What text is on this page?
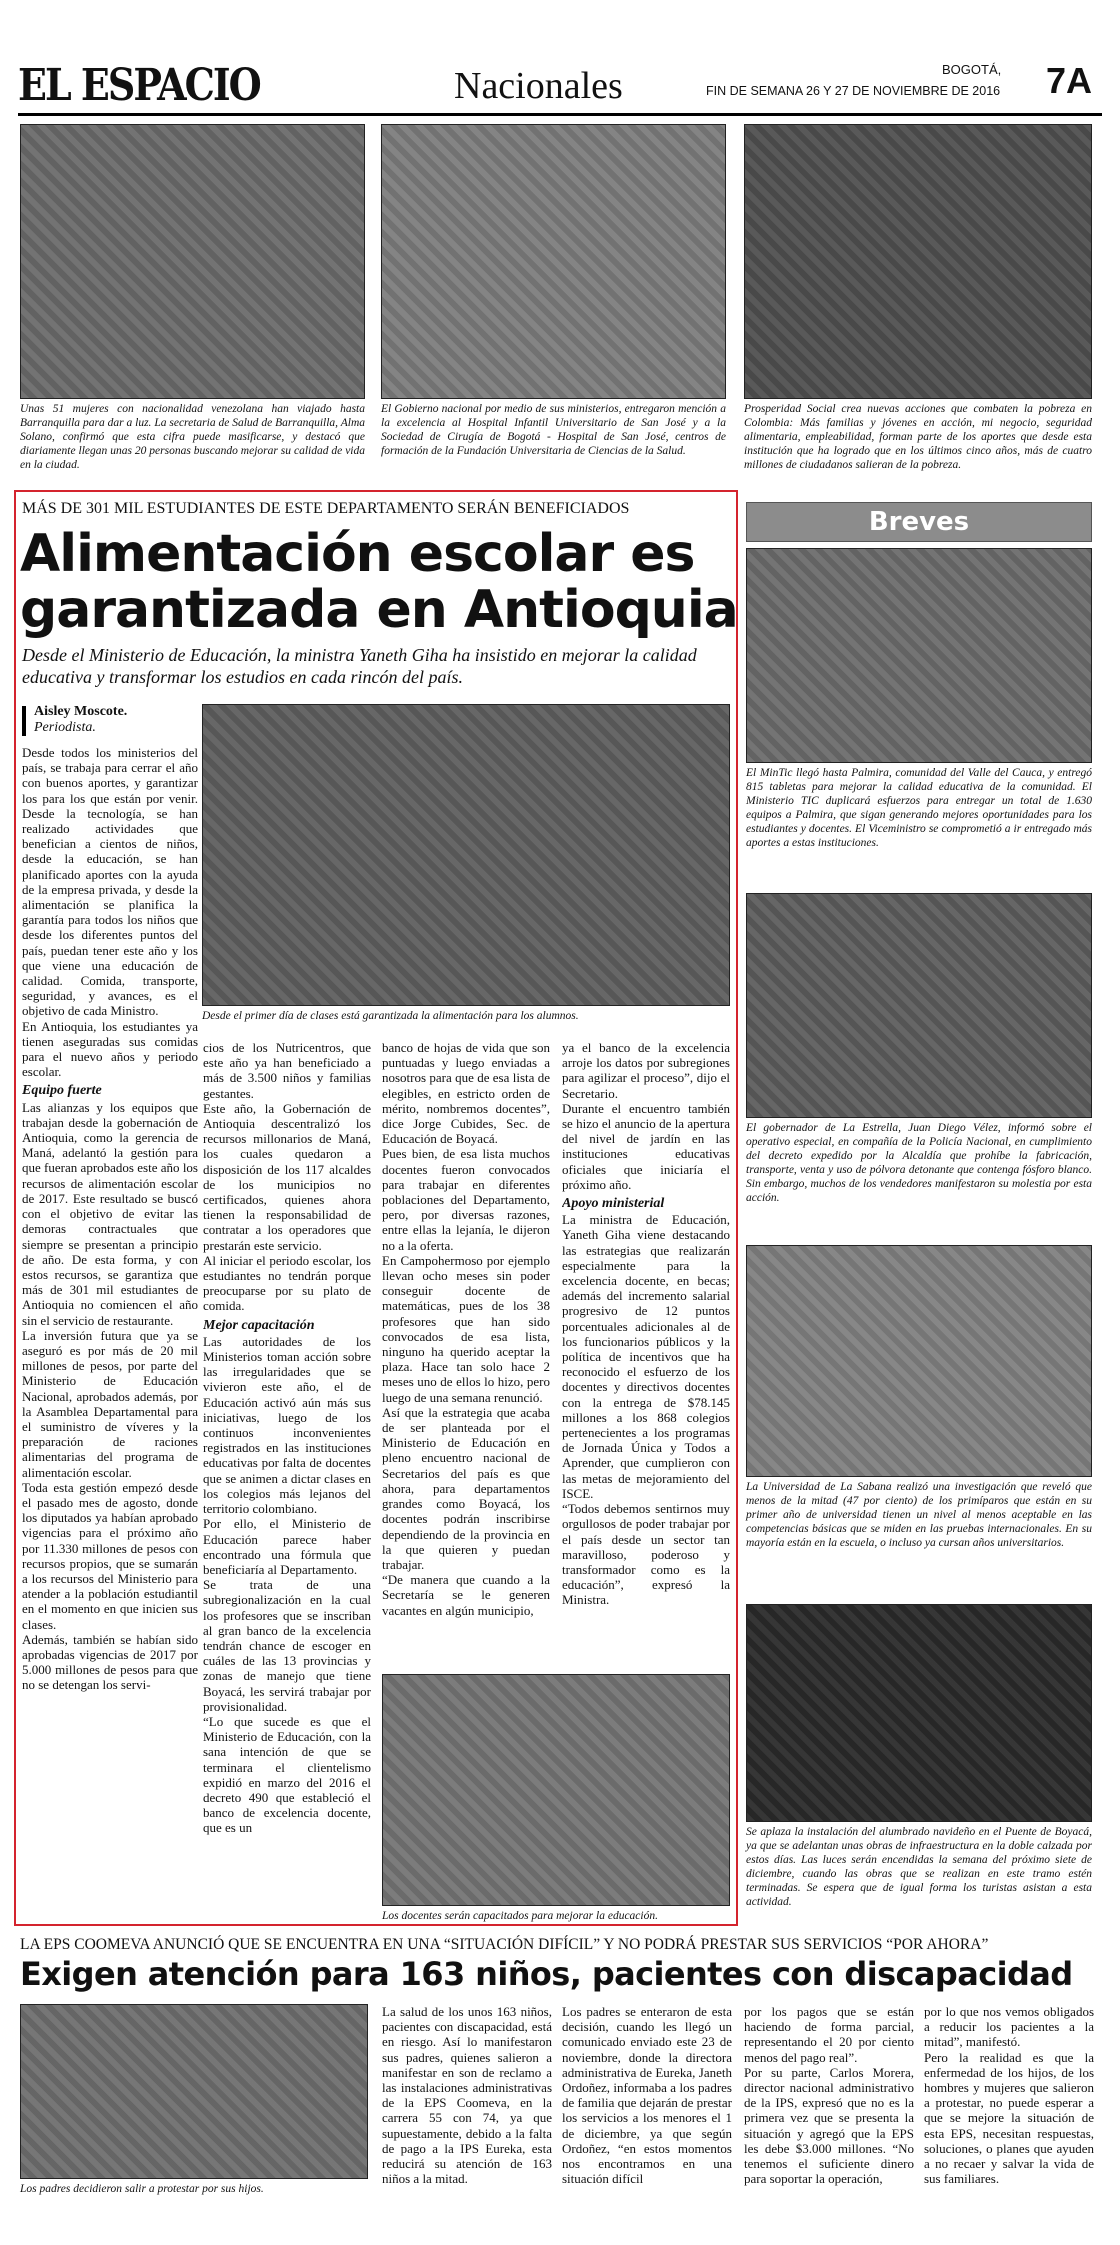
EL ESPACIO	Nacionales	BOGOTÁ,
FIN DE SEMANA 26 Y 27 DE NOVIEMBRE DE 2016 7A
Unas 51 mujeres con nacionalidad venezolana han viajado hasta Barranquilla para dar a luz. La secretaria de Salud de Barranquilla, Alma Solano, confirmó que esta cifra puede masificarse, y destacó que diariamente llegan unas 20 personas buscando mejorar su calidad de vida en la ciudad.
El Gobierno nacional por medio de sus ministerios, entregaron mención a la excelencia al Hospital Infantil Universitario de San José y a la Sociedad de Cirugía de Bogotá - Hospital de San José, centros de formación de la Fundación Universitaria de Ciencias de la Salud.
Prosperidad Social crea nuevas acciones que combaten la pobreza en Colombia: Más familias y jóvenes en acción, mi negocio, seguridad alimentaria, empleabilidad, forman parte de los aportes que desde esta institución que ha logrado que en los últimos cinco años, más de cuatro millones de ciudadanos salieran de la pobreza.
MÁS DE 301 MIL ESTUDIANTES DE ESTE DEPARTAMENTO SERÁN BENEFICIADOS
Alimentación escolar es
garantizada en Antioquia
Desde el Ministerio de Educación, la ministra Yaneth Giha ha insistido en mejorar la calidad educativa y transformar los estudios en cada rincón del país.
Aisley Moscote.
Periodista.
Desde el primer día de clases está garantizada la alimentación para los alumnos.

Desde todos los ministerios del país, se trabaja para cerrar el año con buenos aportes, y garantizar los para los que están por venir. Desde la tecnología, se han realizado actividades que benefician a cientos de niños, desde la educación, se han planificado aportes con la ayuda de la empresa privada, y desde la alimentación se planifica la garantía para todos los niños que desde los diferentes puntos del país, puedan tener este año y los que viene una educación de calidad. Comida, transporte, seguridad, y avances, es el objetivo de cada Ministro.

En Antioquia, los estudiantes ya tienen aseguradas sus comidas para el nuevo años y periodo escolar.

Equipo fuerte

Las alianzas y los equipos que trabajan desde la gobernación de Antioquia, como la gerencia de Maná, adelantó la gestión para que fueran aprobados este año los recursos de alimentación escolar de 2017. Este resultado se buscó con el objetivo de evitar las demoras contractuales que siempre se presentan a principio de año. De esta forma, y con estos recursos, se garantiza que más de 301 mil estudiantes de Antioquia no comiencen el año sin el servicio de restaurante.

La inversión futura que ya se aseguró es por más de 20 mil millones de pesos, por parte del Ministerio de Educación Nacional, aprobados además, por la Asamblea Departamental para el suministro de víveres y la preparación de raciones alimentarias del programa de alimentación escolar.

Toda esta gestión empezó desde el pasado mes de agosto, donde los diputados ya habían aprobado vigencias para el próximo año por 11.330 millones de pesos con recursos propios, que se sumarán a los recursos del Ministerio para atender a la población estudiantil en el momento en que inicien sus clases.

Además, también se habían sido aprobadas vigencias de 2017 por 5.000 millones de pesos para que no se detengan los servi-

cios de los Nutricentros, que este año ya han beneficiado a más de 3.500 niños y familias gestantes.

Este año, la Gobernación de Antioquia descentralizó los recursos millonarios de Maná, los cuales quedaron a disposición de los 117 alcaldes de los municipios no certificados, quienes ahora tienen la responsabilidad de contratar a los operadores que prestarán este servicio.

Al iniciar el periodo escolar, los estudiantes no tendrán porque preocuparse por su plato de comida.

Mejor capacitación

Las autoridades de los Ministerios toman acción sobre las irregularidades que se vivieron este año, el de Educación activó aún más sus iniciativas, luego de los continuos inconvenientes registrados en las instituciones educativas por falta de docentes que se animen a dictar clases en los colegios más lejanos del territorio colombiano.

Por ello, el Ministerio de Educación parece haber encontrado una fórmula que beneficiaría al Departamento.

Se trata de una subregionalización en la cual los profesores que se inscriban al gran banco de la excelencia tendrán chance de escoger en cuáles de las 13 provincias y zonas de manejo que tiene Boyacá, les servirá trabajar por provisionalidad.

“Lo que sucede es que el Ministerio de Educación, con la sana intención de que se terminara el clientelismo expidió en marzo del 2016 el decreto 490 que estableció el banco de excelencia docente, que es un

banco de hojas de vida que son puntuadas y luego enviadas a nosotros para que de esa lista de elegibles, en estricto orden de mérito, nombremos docentes”, dice Jorge Cubides, Sec. de Educación de Boyacá.

Pues bien, de esa lista muchos docentes fueron convocados para trabajar en diferentes poblaciones del Departamento, pero, por diversas razones, entre ellas la lejanía, le dijeron no a la oferta.

En Campohermoso por ejemplo llevan ocho meses sin poder conseguir docente de matemáticas, pues de los 38 profesores que han sido convocados de esa lista, ninguno ha querido aceptar la plaza. Hace tan solo hace 2 meses uno de ellos lo hizo, pero luego de una semana renunció.

Así que la estrategia que acaba de ser planteada por el Ministerio de Educación en pleno encuentro nacional de Secretarios del país es que ahora, para departamentos grandes como Boyacá, los docentes podrán inscribirse dependiendo de la provincia en la que quieren y puedan trabajar.

“De manera que cuando a la Secretaría se le generen vacantes en algún municipio,

ya el banco de la excelencia arroje los datos por subregiones para agilizar el proceso”, dijo el Secretario.

Durante el encuentro también se hizo el anuncio de la apertura del nivel de jardín en las instituciones educativas oficiales que iniciaría el próximo año.

Apoyo ministerial

La ministra de Educación, Yaneth Giha viene destacando las estrategias que realizarán especialmente para la excelencia docente, en becas; además del incremento salarial progresivo de 12 puntos porcentuales adicionales al de los funcionarios públicos y la política de incentivos que ha reconocido el esfuerzo de los docentes y directivos docentes con la entrega de $78.145 millones a los 868 colegios pertenecientes a los programas de Jornada Única y Todos a Aprender, que cumplieron con las metas de mejoramiento del ISCE.

“Todos debemos sentirnos muy orgullosos de poder trabajar por el país desde un sector tan maravilloso, poderoso y transformador como es la educación”, expresó la Ministra.

Los docentes serán capacitados para mejorar la educación.
Breves
El MinTic llegó hasta Palmira, comunidad del Valle del Cauca, y entregó 815 tabletas para mejorar la calidad educativa de la comunidad. El Ministerio TIC duplicará esfuerzos para entregar un total de 1.630 equipos a Palmira, que sigan generando mejores oportunidades para los estudiantes y docentes. El Viceministro se comprometió a ir entregado más aportes a estas instituciones.
El gobernador de La Estrella, Juan Diego Vélez, informó sobre el operativo especial, en compañía de la Policía Nacional, en cumplimiento del decreto expedido por la Alcaldía que prohíbe la fabricación, transporte, venta y uso de pólvora detonante que contenga fósforo blanco. Sin embargo, muchos de los vendedores manifestaron su molestia por esta acción.
La Universidad de La Sabana realizó una investigación que reveló que menos de la mitad (47 por ciento) de los primíparos que están en su primer año de universidad tienen un nivel al menos aceptable en las competencias básicas que se miden en las pruebas internacionales. En su mayoría están en la escuela, o incluso ya cursan años universitarios.
Se aplaza la instalación del alumbrado navideño en el Puente de Boyacá, ya que se adelantan unas obras de infraestructura en la doble calzada por estos días. Las luces serán encendidas la semana del próximo siete de diciembre, cuando las obras que se realizan en este tramo estén terminadas. Se espera que de igual forma los turistas asistan a esta actividad.
LA EPS COOMEVA ANUNCIÓ QUE SE ENCUENTRA EN UNA “SITUACIÓN DIFÍCIL” Y NO PODRÁ PRESTAR SUS SERVICIOS “POR AHORA”
Exigen atención para 163 niños, pacientes con discapacidad
Los padres decidieron salir a protestar por sus hijos.

La salud de los unos 163 niños, pacientes con discapacidad, está en riesgo. Así lo manifestaron sus padres, quienes salieron a manifestar en son de reclamo a las instalaciones administrativas de la EPS Coomeva, en la carrera 55 con 74, ya que supuestamente, debido a la falta de pago a la IPS Eureka, esta reducirá su atención de 163 niños a la mitad.

Los padres se enteraron de esta decisión, cuando les llegó un comunicado enviado este 23 de noviembre, donde la directora administrativa de Eureka, Janeth Ordoñez, informaba a los padres de familia que dejarán de prestar los servicios a los menores el 1 de diciembre, ya que según Ordoñez, “en estos momentos nos encontramos en una situación difícil

por los pagos que se están haciendo de forma parcial, representando el 20 por ciento menos del pago real”.

Por su parte, Carlos Morera, director nacional administrativo de la IPS, expresó que no es la primera vez que se presenta la situación y agregó que la EPS les debe $3.000 millones. “No tenemos el suficiente dinero para soportar la operación,

por lo que nos vemos obligados a reducir los pacientes a la mitad”, manifestó.

Pero la realidad es que la enfermedad de los hijos, de los hombres y mujeres que salieron a protestar, no puede esperar a que se mejore la situación de esta EPS, necesitan respuestas, soluciones, o planes que ayuden a no recaer y salvar la vida de sus familiares.
